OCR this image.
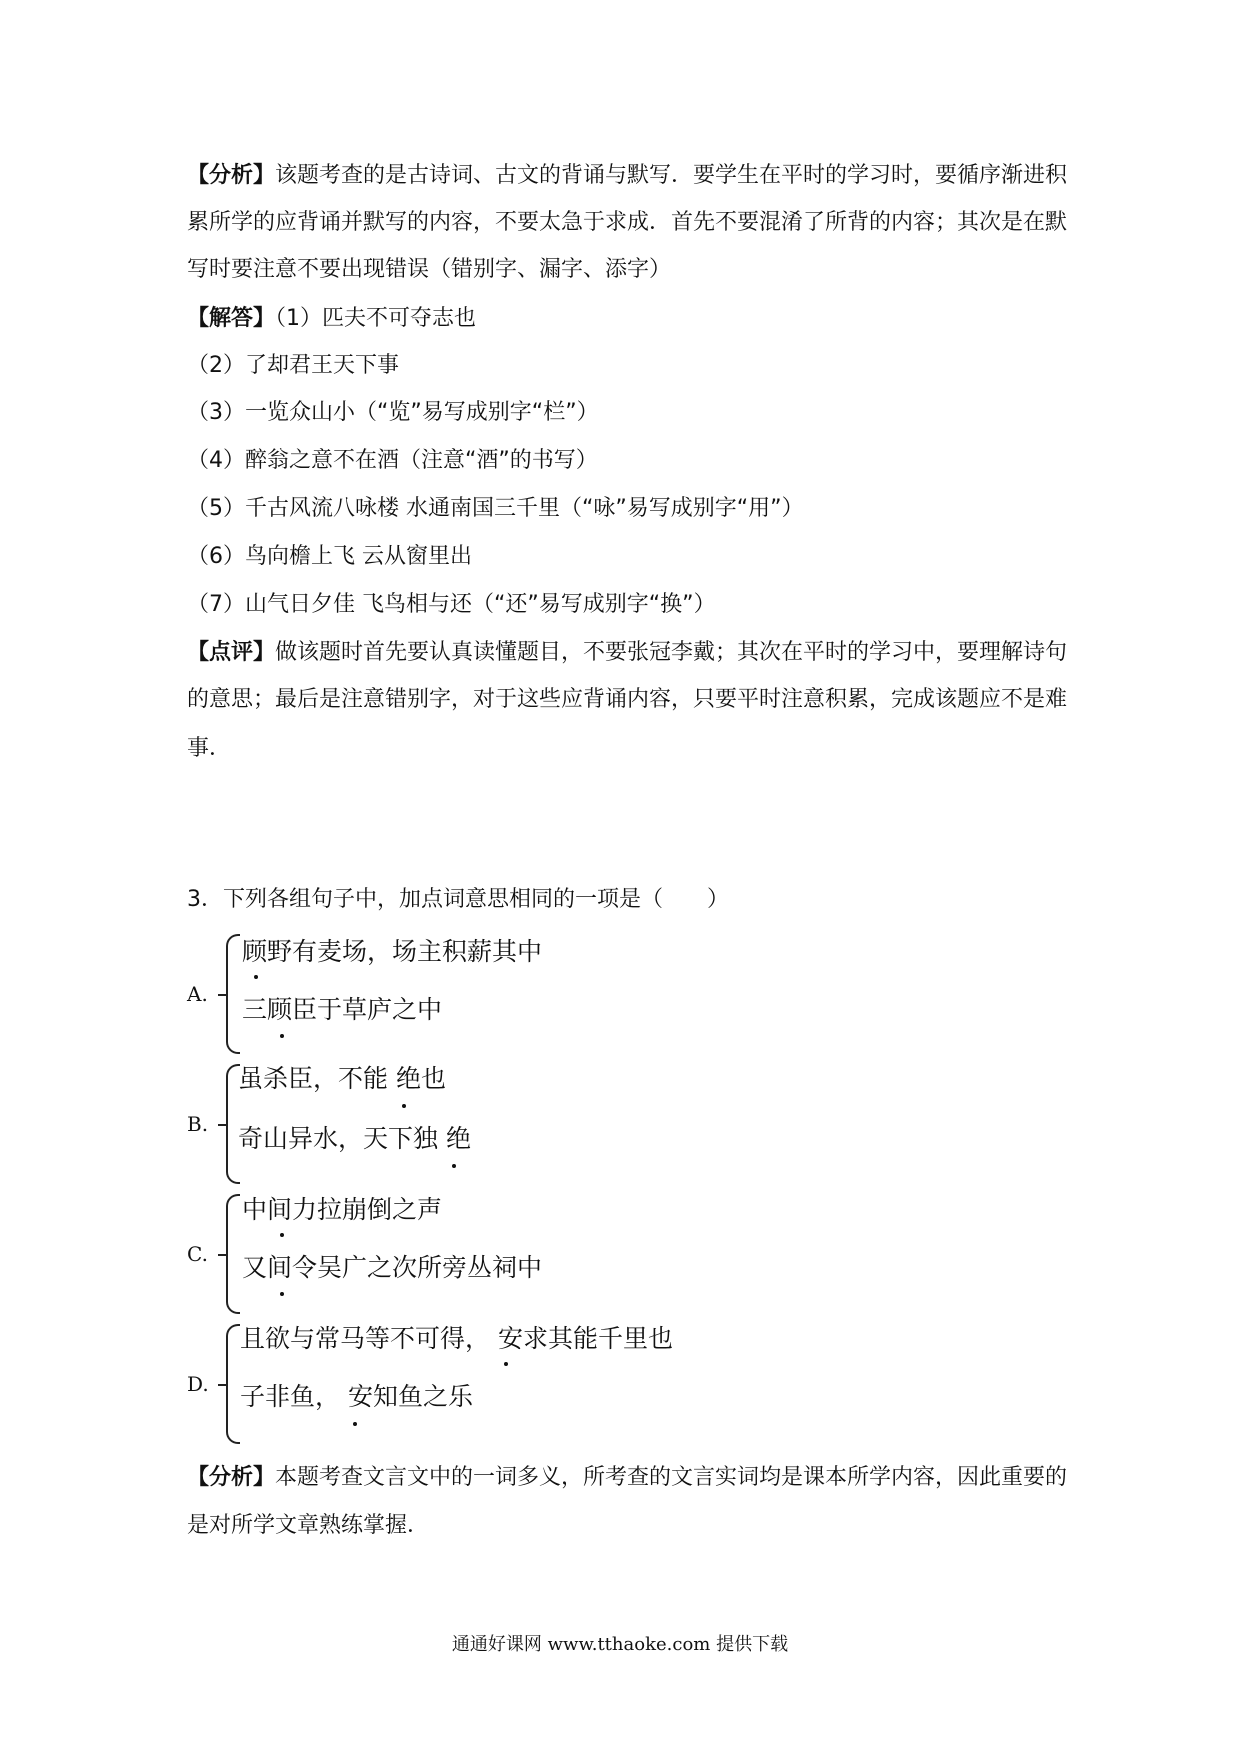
【分析】该题考查的是古诗词、古文的背诵与默写．要学生在平时的学习时，要循序渐进积
累所学的应背诵并默写的内容，不要太急于求成．首先不要混淆了所背的内容；其次是在默
写时要注意不要出现错误（错别字、漏字、添字）
【解答】（1）匹夫不可夺志也
（2）了却君王天下事
（3）一览众山小（“览”易写成别字“栏”）
（4）醉翁之意不在酒（注意“酒”的书写）
（5）千古风流八咏楼 水通南国三千里（“咏”易写成别字“用”）
（6）鸟向檐上飞 云从窗里出
（7）山气日夕佳 飞鸟相与还（“还”易写成别字“换”）
【点评】做该题时首先要认真读懂题目，不要张冠李戴；其次在平时的学习中，要理解诗句
的意思；最后是注意错别字，对于这些应背诵内容，只要平时注意积累，完成该题应不是难
事．
3．下列各组句子中，加点词意思相同的一项是（　　）
A.
顾野有麦场，场主积薪其中
三顾臣于草庐之中
B.
虽杀臣，不能 绝也
奇山异水，天下独 绝
C.
中间力拉崩倒之声
又间令吴广之次所旁丛祠中
D.
且欲与常马等不可得， 安求其能千里也
子非鱼， 安知鱼之乐
【分析】本题考查文言文中的一词多义，所考查的文言实词均是课本所学内容，因此重要的
是对所学文章熟练掌握．
通通好课网 www.tthaoke.com 提供下载
